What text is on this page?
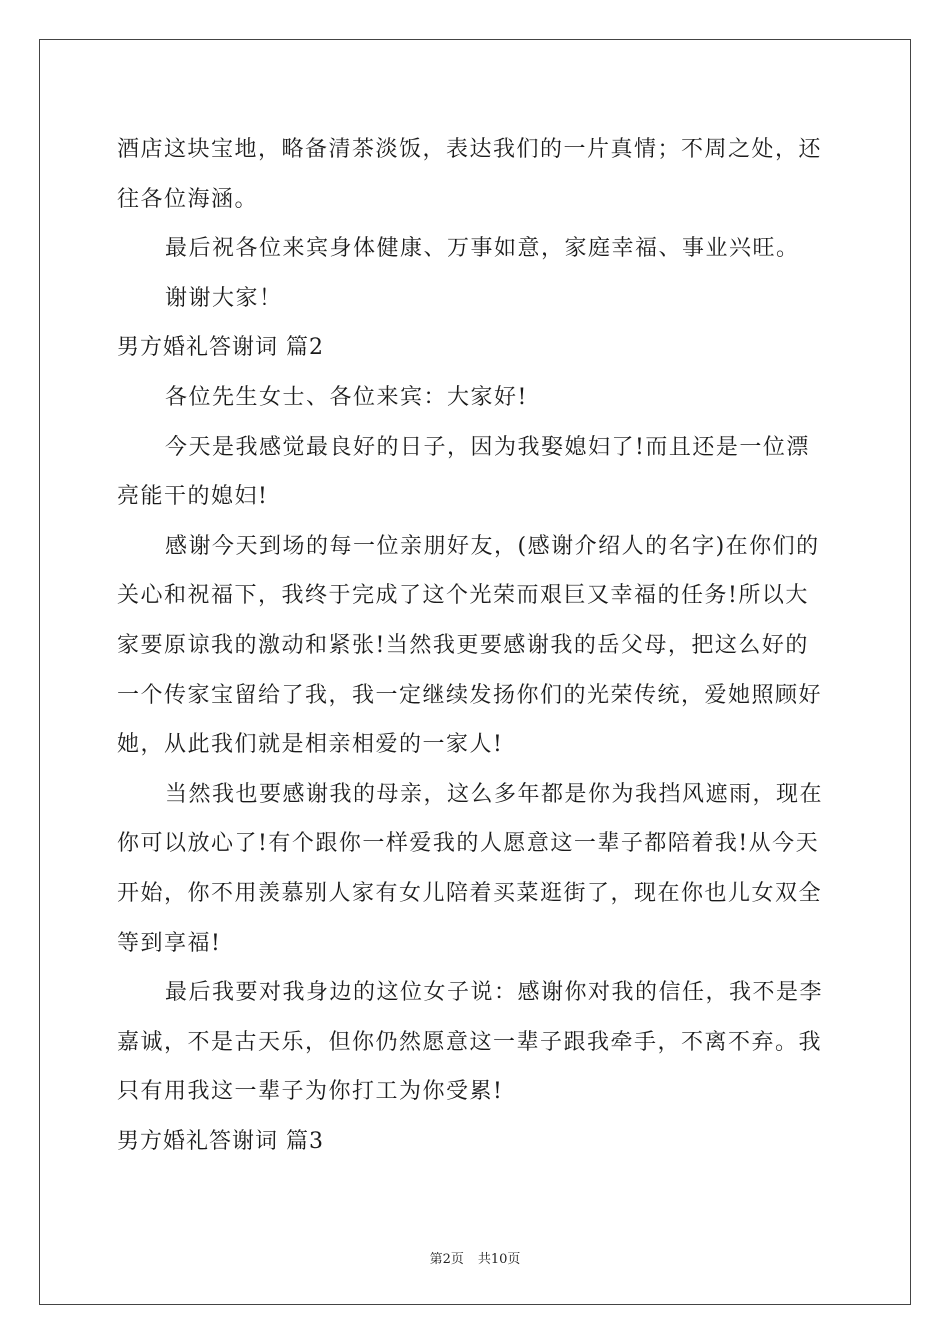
酒店这块宝地，略备清茶淡饭，表达我们的一片真情；不周之处，还
往各位海涵。
最后祝各位来宾身体健康、万事如意，家庭幸福、事业兴旺。
谢谢大家！
男方婚礼答谢词 篇2
各位先生女士、各位来宾：大家好!
今天是我感觉最良好的日子，因为我娶媳妇了!而且还是一位漂
亮能干的媳妇!
感谢今天到场的每一位亲朋好友，(感谢介绍人的名字)在你们的
关心和祝福下，我终于完成了这个光荣而艰巨又幸福的任务!所以大
家要原谅我的激动和紧张!当然我更要感谢我的岳父母，把这么好的
一个传家宝留给了我，我一定继续发扬你们的光荣传统，爱她照顾好
她，从此我们就是相亲相爱的一家人!
当然我也要感谢我的母亲，这么多年都是你为我挡风遮雨，现在
你可以放心了!有个跟你一样爱我的人愿意这一辈子都陪着我!从今天
开始，你不用羡慕别人家有女儿陪着买菜逛街了，现在你也儿女双全
等到享福!
最后我要对我身边的这位女子说：感谢你对我的信任，我不是李
嘉诚，不是古天乐，但你仍然愿意这一辈子跟我牵手，不离不弃。我
只有用我这一辈子为你打工为你受累!
男方婚礼答谢词 篇3
第2页 共10页
